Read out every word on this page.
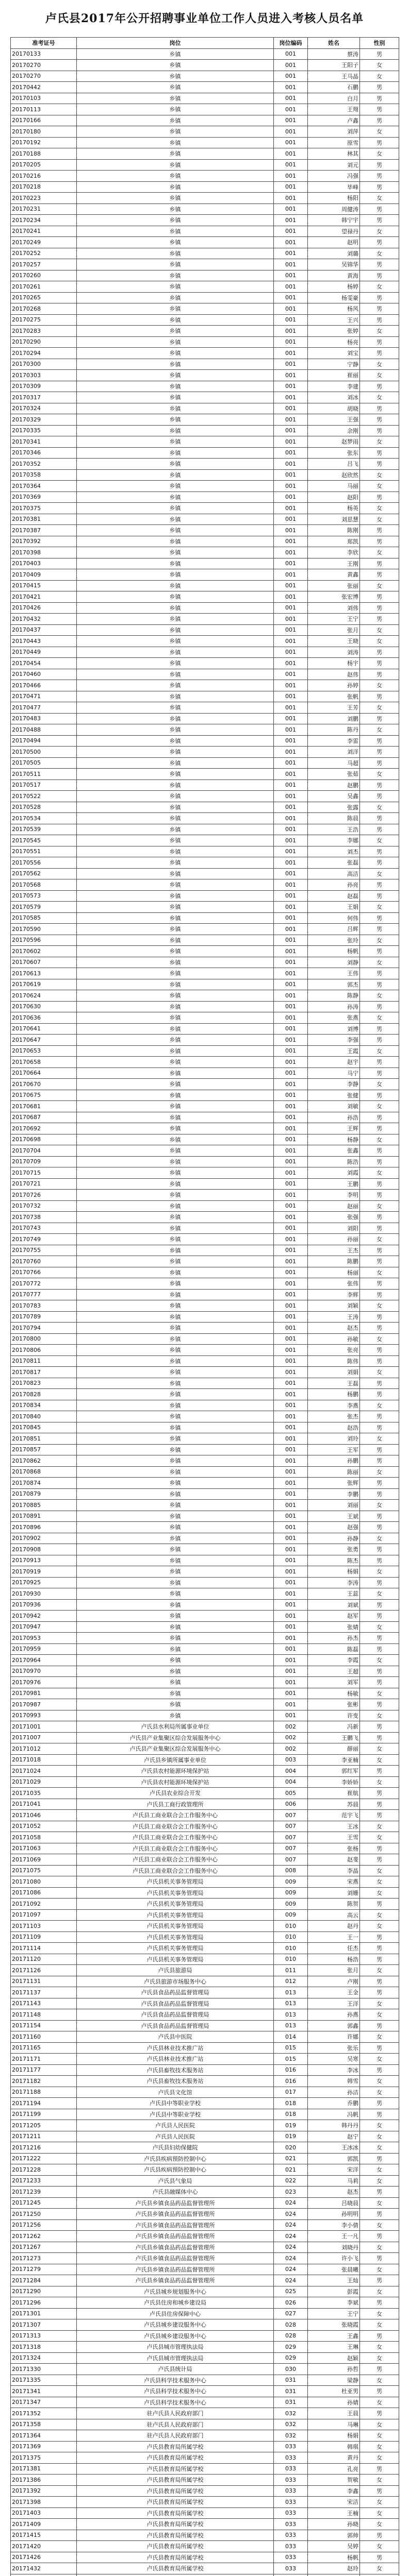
卢氏县2017年公开招聘事业单位工作人员进入考核人员名单
准考证号	岗位	岗位编码	姓名	性别
20170133	乡镇	001	蔡涛	男
20170270	乡镇	001	王阳子	女
20170270	乡镇	001	王马晶	女
20170442	乡镇	001	石鹏	男
20170103	乡镇	001	白月	男
20170113	乡镇	001	王翔	男
20170166	乡镇	001	卢鑫	男
20170180	乡镇	001	刘萍	女
20170192	乡镇	001	原雪	男
20170188	乡镇	001	林其	女
20170205	乡镇	001	刘元	男
20170216	乡镇	001	冯强	男
20170218	乡镇	001	毕峰	男
20170223	乡镇	001	杨阳	女
20170231	乡镇	001	周健涛	男
20170234	乡镇	001	韩宁宇	男
20170241	乡镇	001	望禄丹	女
20170249	乡镇	001	赵明	男
20170252	乡镇	001	刘璐	女
20170257	乡镇	001	吴锦华	男
20170260	乡镇	001	黄海	男
20170261	乡镇	001	杨婷	女
20170265	乡镇	001	杨雯豪	男
20170268	乡镇	001	杨风	男
20170275	乡镇	001	王兴	男
20170283	乡镇	001	张婷	女
20170290	乡镇	001	杨亮	男
20170294	乡镇	001	刘宝	男
20170300	乡镇	001	宁静	女
20170303	乡镇	001	崔丽	女
20170309	乡镇	001	李建	男
20170317	乡镇	001	刘冰	女
20170324	乡镇	001	胡晓	男
20170329	乡镇	001	王强	男
20170335	乡镇	001	余刚	男
20170341	乡镇	001	赵梦雨	女
20170346	乡镇	001	张东	男
20170352	乡镇	001	吕飞	男
20170358	乡镇	001	赵欣然	女
20170364	乡镇	001	马丽	女
20170369	乡镇	001	赵阳	男
20170375	乡镇	001	杨英	女
20170381	乡镇	001	刘思慧	女
20170387	乡镇	001	陈刚	男
20170392	乡镇	001	郑凯	男
20170398	乡镇	001	李欣	女
20170403	乡镇	001	王刚	男
20170409	乡镇	001	黄鑫	男
20170415	乡镇	001	张丽	女
20170421	乡镇	001	张宏博	男
20170426	乡镇	001	刘伟	男
20170432	乡镇	001	王宁	男
20170437	乡镇	001	张月	女
20170443	乡镇	001	王晓	女
20170449	乡镇	001	刘涛	男
20170454	乡镇	001	杨宇	男
20170460	乡镇	001	赵伟	男
20170466	乡镇	001	孙婷	女
20170471	乡镇	001	张帆	男
20170477	乡镇	001	王芳	女
20170483	乡镇	001	刘鹏	男
20170488	乡镇	001	陈丹	女
20170494	乡镇	001	李雷	男
20170500	乡镇	001	刘洋	男
20170505	乡镇	001	马超	男
20170511	乡镇	001	张茹	女
20170517	乡镇	001	赵鹏	男
20170522	乡镇	001	吴鑫	男
20170528	乡镇	001	张露	女
20170534	乡镇	001	陈晨	男
20170539	乡镇	001	王浩	男
20170545	乡镇	001	李娜	女
20170551	乡镇	001	刘杰	男
20170556	乡镇	001	张磊	男
20170562	乡镇	001	高洁	女
20170568	乡镇	001	孙亮	男
20170573	乡镇	001	赵磊	男
20170579	乡镇	001	王娟	女
20170585	乡镇	001	何伟	男
20170590	乡镇	001	吕辉	男
20170596	乡镇	001	张玲	女
20170602	乡镇	001	杨帆	男
20170607	乡镇	001	刘静	女
20170613	乡镇	001	王伟	男
20170619	乡镇	001	郭杰	男
20170624	乡镇	001	陈静	女
20170630	乡镇	001	孙涛	男
20170636	乡镇	001	张燕	女
20170641	乡镇	001	刘博	男
20170647	乡镇	001	李强	男
20170653	乡镇	001	王霞	女
20170658	乡镇	001	赵宇	男
20170664	乡镇	001	马宁	男
20170670	乡镇	001	李静	女
20170675	乡镇	001	张健	男
20170681	乡镇	001	刘敏	女
20170687	乡镇	001	孙浩	男
20170692	乡镇	001	王辉	男
20170698	乡镇	001	杨静	女
20170704	乡镇	001	张鑫	男
20170709	乡镇	001	陈浩	男
20170715	乡镇	001	刘霞	女
20170721	乡镇	001	王鹏	男
20170726	乡镇	001	李明	男
20170732	乡镇	001	赵丽	女
20170738	乡镇	001	张强	男
20170743	乡镇	001	刘阳	男
20170749	乡镇	001	孙丽	女
20170755	乡镇	001	王杰	男
20170760	乡镇	001	陈鹏	男
20170766	乡镇	001	杨丽	女
20170772	乡镇	001	张伟	男
20170777	乡镇	001	李辉	男
20170783	乡镇	001	刘颖	女
20170789	乡镇	001	王涛	男
20170794	乡镇	001	赵杰	男
20170800	乡镇	001	孙敏	女
20170806	乡镇	001	张亮	男
20170811	乡镇	001	陈伟	男
20170817	乡镇	001	刘娟	女
20170823	乡镇	001	王磊	男
20170828	乡镇	001	杨鹏	男
20170834	乡镇	001	李燕	女
20170840	乡镇	001	张杰	男
20170845	乡镇	001	赵浩	男
20170851	乡镇	001	刘玲	女
20170857	乡镇	001	王军	男
20170862	乡镇	001	孙鹏	男
20170868	乡镇	001	陈丽	女
20170874	乡镇	001	张辉	男
20170879	乡镇	001	李鹏	男
20170885	乡镇	001	刘丽	女
20170891	乡镇	001	王斌	男
20170896	乡镇	001	赵强	男
20170902	乡镇	001	孙静	女
20170908	乡镇	001	张勇	男
20170913	乡镇	001	陈杰	男
20170919	乡镇	001	杨娟	女
20170925	乡镇	001	李涛	男
20170930	乡镇	001	王蕊	女
20170936	乡镇	001	刘斌	男
20170942	乡镇	001	赵军	男
20170947	乡镇	001	张婧	女
20170953	乡镇	001	孙杰	男
20170959	乡镇	001	陈磊	男
20170964	乡镇	001	李霞	女
20170970	乡镇	001	王超	男
20170976	乡镇	001	刘军	男
20170981	乡镇	001	杨敏	女
20170987	乡镇	001	张彬	男
20170993	乡镇	001	许变	女
20171001	卢氏县水利局所属事业单位	002	冯新	男
20171007	卢氏县产业集聚区综合发展服务中心	002	王鹏飞	男
20171012	卢氏县产业集聚区综合发展服务中心	002	薛丽	女
20171018	卢氏县乡镇所属事业单位	003	李亚楠	女
20171024	卢氏县农村能源环境保护站	004	郭红军	男
20171029	卢氏县农村能源环境保护站	004	李娇娇	女
20171035	卢氏县农业综合开发	005	崔航	男
20171041	卢氏县工商行政管理所	006	苏晨	男
20171046	卢氏县工商业联合会工作服务中心	007	范宇飞	男
20171052	卢氏县工商业联合会工作服务中心	007	王冰	女
20171058	卢氏县工商业联合会工作服务中心	007	王雪	女
20171063	卢氏县工商业联合会工作服务中心	007	张杨	男
20171069	卢氏县工商业联合会工作服务中心	007	赵斐	男
20171075	卢氏县工商业联合会工作服务中心	008	李晶	女
20171080	卢氏县机关事务管理局	009	宋燕	女
20171086	卢氏县机关事务管理局	009	刘姗	女
20171092	卢氏县机关事务管理局	009	陈贺	男
20171097	卢氏县机关事务管理局	009	高云	女
20171103	卢氏县机关事务管理局	010	赵丹	女
20171109	卢氏县机关事务管理局	010	王一	男
20171114	卢氏县机关事务管理局	010	任杰	男
20171120	卢氏县机关事务管理局	010	杨浩	男
20171126	卢氏县旅游局	011	张月	女
20171131	卢氏县旅游市场服务中心	012	卢刚	男
20171137	卢氏县食品药品监督管理局	013	王金	男
20171143	卢氏县食品药品监督管理局	013	王洋	女
20171148	卢氏县食品药品监督管理局	013	孙燕	女
20171154	卢氏县食品药品监督管理局	013	郭鑫	男
20171160	卢氏县中医院	014	许娜	女
20171165	卢氏县林业技术推广站	015	张乐	男
20171171	卢氏县林业技术推广站	015	吴寒	女
20171177	卢氏县畜牧技术服务站	016	李冰	男
20171182	卢氏县畜牧技术服务站	016	韩雪	女
20171188	卢氏县文化馆	017	孙洁	女
20171194	卢氏县中等职业学校	018	乔鹏	男
20171199	卢氏县中等职业学校	018	冯帆	男
20171205	卢氏县人民医院	019	韩丹丹	女
20171211	卢氏县人民医院	019	赵宁	女
20171216	卢氏县妇幼保健院	020	王冰冰	女
20171222	卢氏县疾病预防控制中心	021	郭凯	男
20171228	卢氏县疾病预防控制中心	021	宋洋	女
20171233	卢氏县气象局	022	马莉	女
20171239	卢氏县融媒体中心	023	赵杰	男
20171245	卢氏县乡镇食品药品监督管理所	024	吕晓晨	女
20171250	卢氏县乡镇食品药品监督管理所	024	孙明明	男
20171256	卢氏县乡镇食品药品监督管理所	024	李小倩	女
20171262	卢氏县乡镇食品药品监督管理所	024	王一凡	男
20171267	卢氏县乡镇食品药品监督管理所	024	刘晓丹	女
20171273	卢氏县乡镇食品药品监督管理所	024	许小飞	男
20171279	卢氏县乡镇食品药品监督管理所	024	张晨曦	女
20171284	卢氏县乡镇食品药品监督管理所	024	王灿	男
20171290	卢氏县城乡规划服务中心	025	彭霞	女
20171296	卢氏县住房和城乡建设局	026	李斌	男
20171301	卢氏县住房保障中心	027	王宁	女
20171307	卢氏县城乡建设服务中心	028	张晓霞	女
20171313	卢氏县城乡建设服务中心	028	王鑫	男
20171318	卢氏县城市管理执法局	029	王琳	女
20171324	卢氏县城市管理执法局	029	赵颖	女
20171330	卢氏县统计局	030	孙哲	男
20171335	卢氏县科学技术服务中心	031	梁静	女
20171341	卢氏县科学技术服务中心	031	杜亚男	男
20171347	卢氏县科学技术服务中心	031	孙婧	女
20171352	驻卢氏县人民政府部门	032	王晨	男
20171358	驻卢氏县人民政府部门	032	马琳	女
20171364	驻卢氏县人民政府部门	032	杨娟	女
20171369	卢氏县教育局所属学校	033	韩琪	女
20171375	卢氏县教育局所属学校	033	黄丹	女
20171381	卢氏县教育局所属学校	033	孔亮	男
20171386	卢氏县教育局所属学校	033	贺敏	女
20171392	卢氏县教育局所属学校	033	李鑫	男
20171398	卢氏县教育局所属学校	033	宋洁	女
20171403	卢氏县教育局所属学校	033	王楠	女
20171409	卢氏县教育局所属学校	033	孙晓	女
20171415	卢氏县教育局所属学校	033	郭帅	男
20171420	卢氏县教育局所属学校	033	吴婷	女
20171426	卢氏县教育局所属学校	033	杨帆	男
20171432	卢氏县教育局所属学校	033	赵玲	女
